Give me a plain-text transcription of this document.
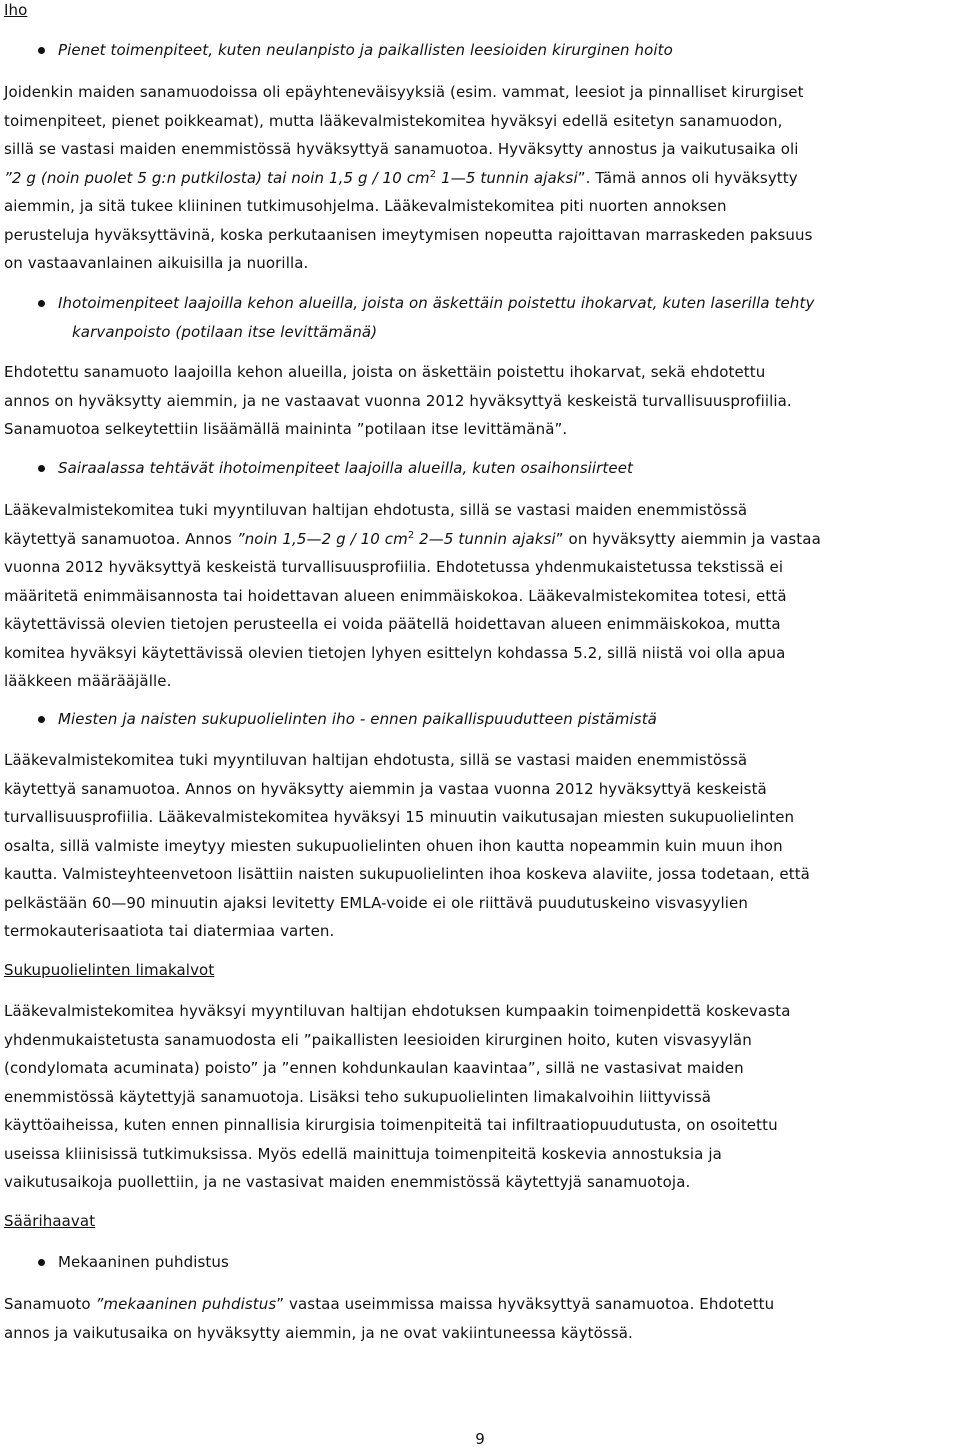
Iho
Pienet toimenpiteet, kuten neulanpisto ja paikallisten leesioiden kirurginen hoito
Joidenkin maiden sanamuodoissa oli epäyhteneväisyyksiä (esim. vammat, leesiot ja pinnalliset kirurgiset
toimenpiteet, pienet poikkeamat), mutta lääkevalmistekomitea hyväksyi edellä esitetyn sanamuodon,
sillä se vastasi maiden enemmistössä hyväksyttyä sanamuotoa. Hyväksytty annostus ja vaikutusaika oli
”2 g (noin puolet 5 g:n putkilosta) tai noin 1,5 g / 10 $cm^2$ 1—5 tunnin ajaksi”. Tämä annos oli hyväksytty
aiemmin, ja sitä tukee kliininen tutkimusohjelma. Lääkevalmistekomitea piti nuorten annoksen
perusteluja hyväksyttävinä, koska perkutaanisen imeytymisen nopeutta rajoittavan marraskeden paksuus
on vastaavanlainen aikuisilla ja nuorilla.
Ihotoimenpiteet laajoilla kehon alueilla, joista on äskettäin poistettu ihokarvat, kuten laserilla tehty
karvanpoisto (potilaan itse levittämänä)
Ehdotettu sanamuoto laajoilla kehon alueilla, joista on äskettäin poistettu ihokarvat, sekä ehdotettu
annos on hyväksytty aiemmin, ja ne vastaavat vuonna 2012 hyväksyttyä keskeistä turvallisuusprofiilia.
Sanamuotoa selkeytettiin lisäämällä maininta ”potilaan itse levittämänä”.
Sairaalassa tehtävät ihotoimenpiteet laajoilla alueilla, kuten osaihonsiirteet
Lääkevalmistekomitea tuki myyntiluvan haltijan ehdotusta, sillä se vastasi maiden enemmistössä
käytettyä sanamuotoa. Annos ”noin 1,5—2 g / 10 $cm^2$ 2—5 tunnin ajaksi” on hyväksytty aiemmin ja vastaa
vuonna 2012 hyväksyttyä keskeistä turvallisuusprofiilia. Ehdotetussa yhdenmukaistetussa tekstissä ei
määritetä enimmäisannosta tai hoidettavan alueen enimmäiskokoa. Lääkevalmistekomitea totesi, että
käytettävissä olevien tietojen perusteella ei voida päätellä hoidettavan alueen enimmäiskokoa, mutta
komitea hyväksyi käytettävissä olevien tietojen lyhyen esittelyn kohdassa 5.2, sillä niistä voi olla apua
lääkkeen määrääjälle.
Miesten ja naisten sukupuolielinten iho - ennen paikallispuudutteen pistämistä
Lääkevalmistekomitea tuki myyntiluvan haltijan ehdotusta, sillä se vastasi maiden enemmistössä
käytettyä sanamuotoa. Annos on hyväksytty aiemmin ja vastaa vuonna 2012 hyväksyttyä keskeistä
turvallisuusprofiilia. Lääkevalmistekomitea hyväksyi 15 minuutin vaikutusajan miesten sukupuolielinten
osalta, sillä valmiste imeytyy miesten sukupuolielinten ohuen ihon kautta nopeammin kuin muun ihon
kautta. Valmisteyhteenvetoon lisättiin naisten sukupuolielinten ihoa koskeva alaviite, jossa todetaan, että
pelkästään 60—90 minuutin ajaksi levitetty EMLA-voide ei ole riittävä puudutuskeino visvasyylien
termokauterisaatiota tai diatermiaa varten.
Sukupuolielinten limakalvot
Lääkevalmistekomitea hyväksyi myyntiluvan haltijan ehdotuksen kumpaakin toimenpidettä koskevasta
yhdenmukaistetusta sanamuodosta eli ”paikallisten leesioiden kirurginen hoito, kuten visvasyylän
(condylomata acuminata) poisto” ja ”ennen kohdunkaulan kaavintaa”, sillä ne vastasivat maiden
enemmistössä käytettyjä sanamuotoja. Lisäksi teho sukupuolielinten limakalvoihin liittyvissä
käyttöaiheissa, kuten ennen pinnallisia kirurgisia toimenpiteitä tai infiltraatiopuudutusta, on osoitettu
useissa kliinisissä tutkimuksissa. Myös edellä mainittuja toimenpiteitä koskevia annostuksia ja
vaikutusaikoja puollettiin, ja ne vastasivat maiden enemmistössä käytettyjä sanamuotoja.
Säärihaavat
Mekaaninen puhdistus
Sanamuoto ”mekaaninen puhdistus” vastaa useimmissa maissa hyväksyttyä sanamuotoa. Ehdotettu
annos ja vaikutusaika on hyväksytty aiemmin, ja ne ovat vakiintuneessa käytössä.
9
